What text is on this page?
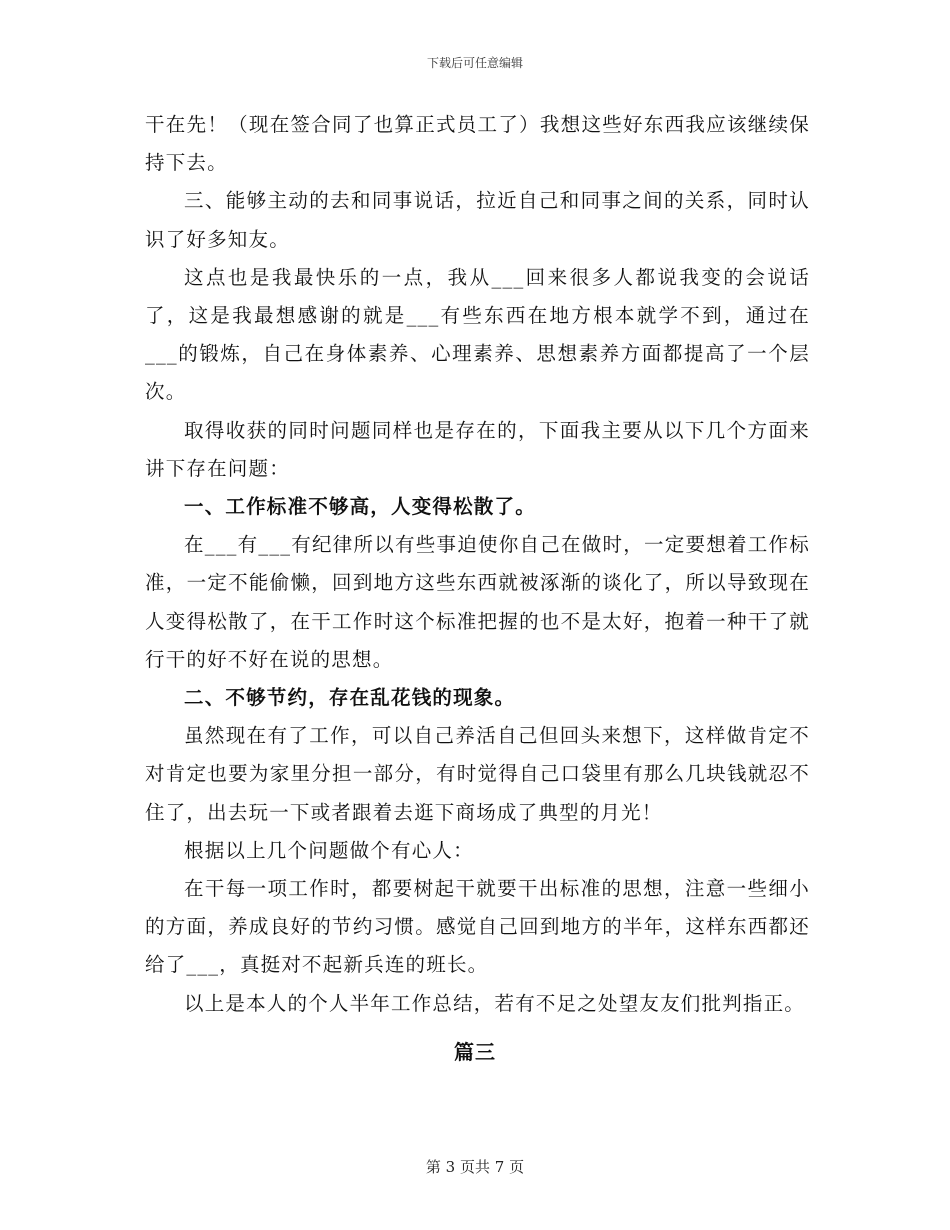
下载后可任意编辑

干在先！（现在签合同了也算正式员工了）我想这些好东西我应该继续保持下去。

三、能够主动的去和同事说话，拉近自己和同事之间的关系，同时认识了好多知友。

这点也是我最快乐的一点，我从___回来很多人都说我变的会说话了，这是我最想感谢的就是___有些东西在地方根本就学不到，通过在___的锻炼，自己在身体素养、心理素养、思想素养方面都提高了一个层次。

取得收获的同时问题同样也是存在的，下面我主要从以下几个方面来讲下存在问题：

一、工作标准不够高，人变得松散了。

在___有___有纪律所以有些事迫使你自己在做时，一定要想着工作标准，一定不能偷懒，回到地方这些东西就被涿渐的谈化了，所以导致现在人变得松散了，在干工作时这个标准把握的也不是太好，抱着一种干了就行干的好不好在说的思想。

二、不够节约，存在乱花钱的现象。

虽然现在有了工作，可以自己养活自己但回头来想下，这样做肯定不对肯定也要为家里分担一部分，有时觉得自己口袋里有那么几块钱就忍不住了，出去玩一下或者跟着去逛下商场成了典型的月光！

根据以上几个问题做个有心人：

在干每一项工作时，都要树起干就要干出标准的思想，注意一些细小的方面，养成良好的节约习惯。感觉自己回到地方的半年，这样东西都还给了___，真挺对不起新兵连的班长。

以上是本人的个人半年工作总结，若有不足之处望友友们批判指正。

篇三
第 3 页共 7 页
